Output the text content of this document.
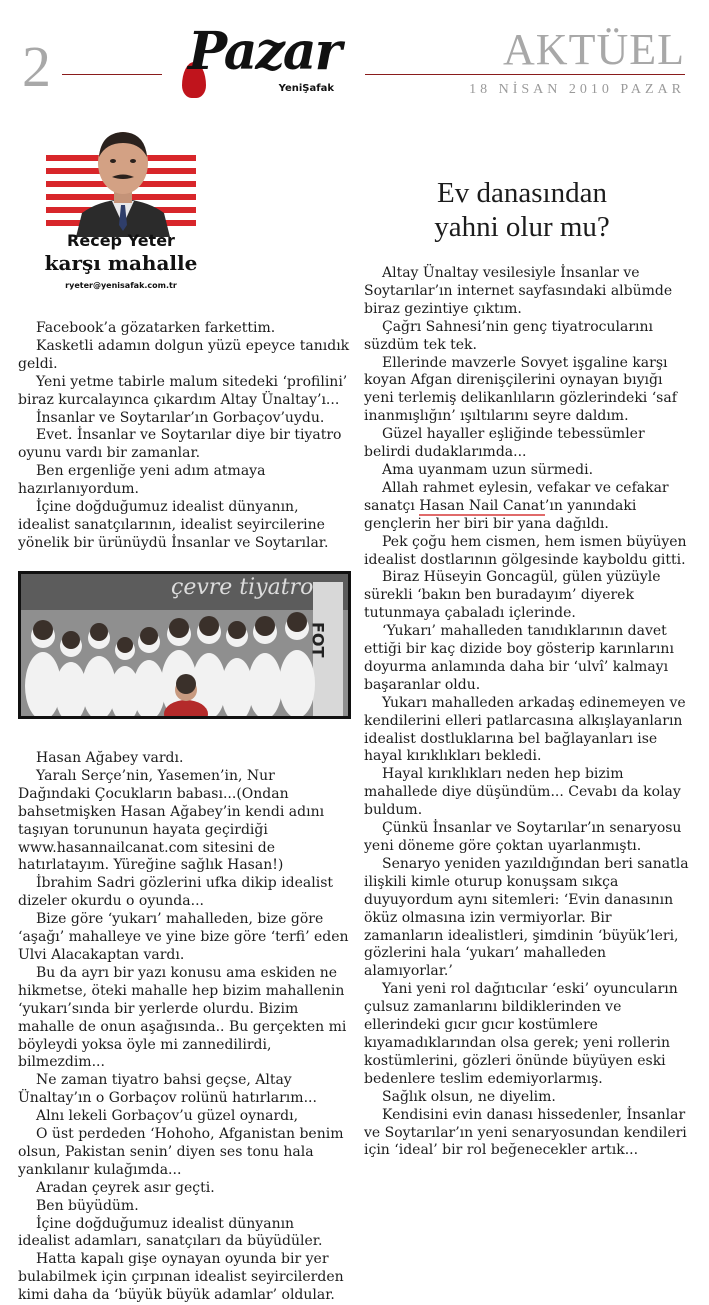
2	Pazar
YeniŞafak
AKTÜEL
18 NİSAN 2010 PAZAR
Recep Yeter
karşı mahalle
ryeter@yenisafak.com.tr
Ev danasından
yahni olur mu?

Facebook’a gözatarken farkettim.

Kasketli adamın dolgun yüzü epeyce tanıdık geldi.

Yeni yetme tabirle malum sitedeki ‘profilini’ biraz kurcalayınca çıkardım Altay Ünaltay’ı...

İnsanlar ve Soytarılar’ın Gorbaçov’uydu.

Evet. İnsanlar ve Soytarılar diye bir tiyatro oyunu vardı bir zamanlar.

Ben ergenliğe yeni adım atmaya hazırlanıyordum.

İçine doğduğumuz idealist dünyanın, idealist sanatçılarının, idealist seyircilerine yönelik bir ürünüydü İnsanlar ve Soytarılar.

çevre tiyatro
FOT

Hasan Ağabey vardı.

Yaralı Serçe’nin, Yasemen’in, Nur Dağındaki Çocukların babası...(Ondan bahsetmişken Hasan Ağabey’in kendi adını taşıyan torununun hayata geçirdiği www.hasannailcanat.com sitesini de hatırlatayım. Yüreğine sağlık Hasan!)

İbrahim Sadri gözlerini ufka dikip idealist dizeler okurdu o oyunda...

Bize göre ‘yukarı’ mahalleden, bize göre ‘aşağı’ mahalleye ve yine bize göre ‘terfi’ eden Ulvi Alacakaptan vardı.

Bu da ayrı bir yazı konusu ama eskiden ne hikmetse, öteki mahalle hep bizim mahallenin ‘yukarı’sında bir yerlerde olurdu. Bizim mahalle de onun aşağısında.. Bu gerçekten mi böyleydi yoksa öyle mi zannedilirdi, bilmezdim...

Ne zaman tiyatro bahsi geçse, Altay Ünaltay’ın o Gorbaçov rolünü hatırlarım...

Alnı lekeli Gorbaçov’u güzel oynardı,

O üst perdeden ‘Hohoho, Afganistan benim olsun, Pakistan senin’ diyen ses tonu hala yankılanır kulağımda...

Aradan çeyrek asır geçti.

Ben büyüdüm.

İçine doğduğumuz idealist dünyanın idealist adamları, sanatçıları da büyüdüler.

Hatta kapalı gişe oynayan oyunda bir yer bulabilmek için çırpınan idealist seyircilerden kimi daha da ‘büyük büyük adamlar’ oldular.

Altay Ünaltay vesilesiyle İnsanlar ve Soytarılar’ın internet sayfasındaki albümde biraz gezintiye çıktım.

Çağrı Sahnesi’nin genç tiyatrocularını süzdüm tek tek.

Ellerinde mavzerle Sovyet işgaline karşı koyan Afgan direnişçilerini oynayan bıyığı yeni terlemiş delikanlıların gözlerindeki ‘saf inanmışlığın’ ışıltılarını seyre daldım.

Güzel hayaller eşliğinde tebessümler belirdi dudaklarımda...

Ama uyanmam uzun sürmedi.

Allah rahmet eylesin, vefakar ve cefakar sanatçı Hasan Nail Canat’ın yanındaki gençlerin her biri bir yana dağıldı.

Pek çoğu hem cismen, hem ismen büyüyen idealist dostlarının gölgesinde kayboldu gitti.

Biraz Hüseyin Goncagül, gülen yüzüyle sürekli ‘bakın ben buradayım’ diyerek tutunmaya çabaladı içlerinde.

‘Yukarı’ mahalleden tanıdıklarının davet ettiği bir kaç dizide boy gösterip karınlarını doyurma anlamında daha bir ‘ulvî’ kalmayı başaranlar oldu.

Yukarı mahalleden arkadaş edinemeyen ve kendilerini elleri patlarcasına alkışlayanların idealist dostluklarına bel bağlayanları ise hayal kırıklıkları bekledi.

Hayal kırıklıkları neden hep bizim mahallede diye düşündüm... Cevabı da kolay buldum.

Çünkü İnsanlar ve Soytarılar’ın senaryosu yeni döneme göre çoktan uyarlanmıştı.

Senaryo yeniden yazıldığından beri sanatla ilişkili kimle oturup konuşsam sıkça duyuyordum aynı sitemleri: ‘Evin danasının öküz olmasına izin vermiyorlar. Bir zamanların idealistleri, şimdinin ‘büyük’leri, gözlerini hala ‘yukarı’ mahalleden alamıyorlar.’

Yani yeni rol dağıtıcılar ‘eski’ oyuncuların çulsuz zamanlarını bildiklerinden ve ellerindeki gıcır gıcır kostümlere kıyamadıklarından olsa gerek; yeni rollerin kostümlerini, gözleri önünde büyüyen eski bedenlere teslim edemiyorlarmış.

Sağlık olsun, ne diyelim.

Kendisini evin danası hissedenler, İnsanlar ve Soytarılar’ın yeni senaryosundan kendileri için ‘ideal’ bir rol beğenecekler artık...
